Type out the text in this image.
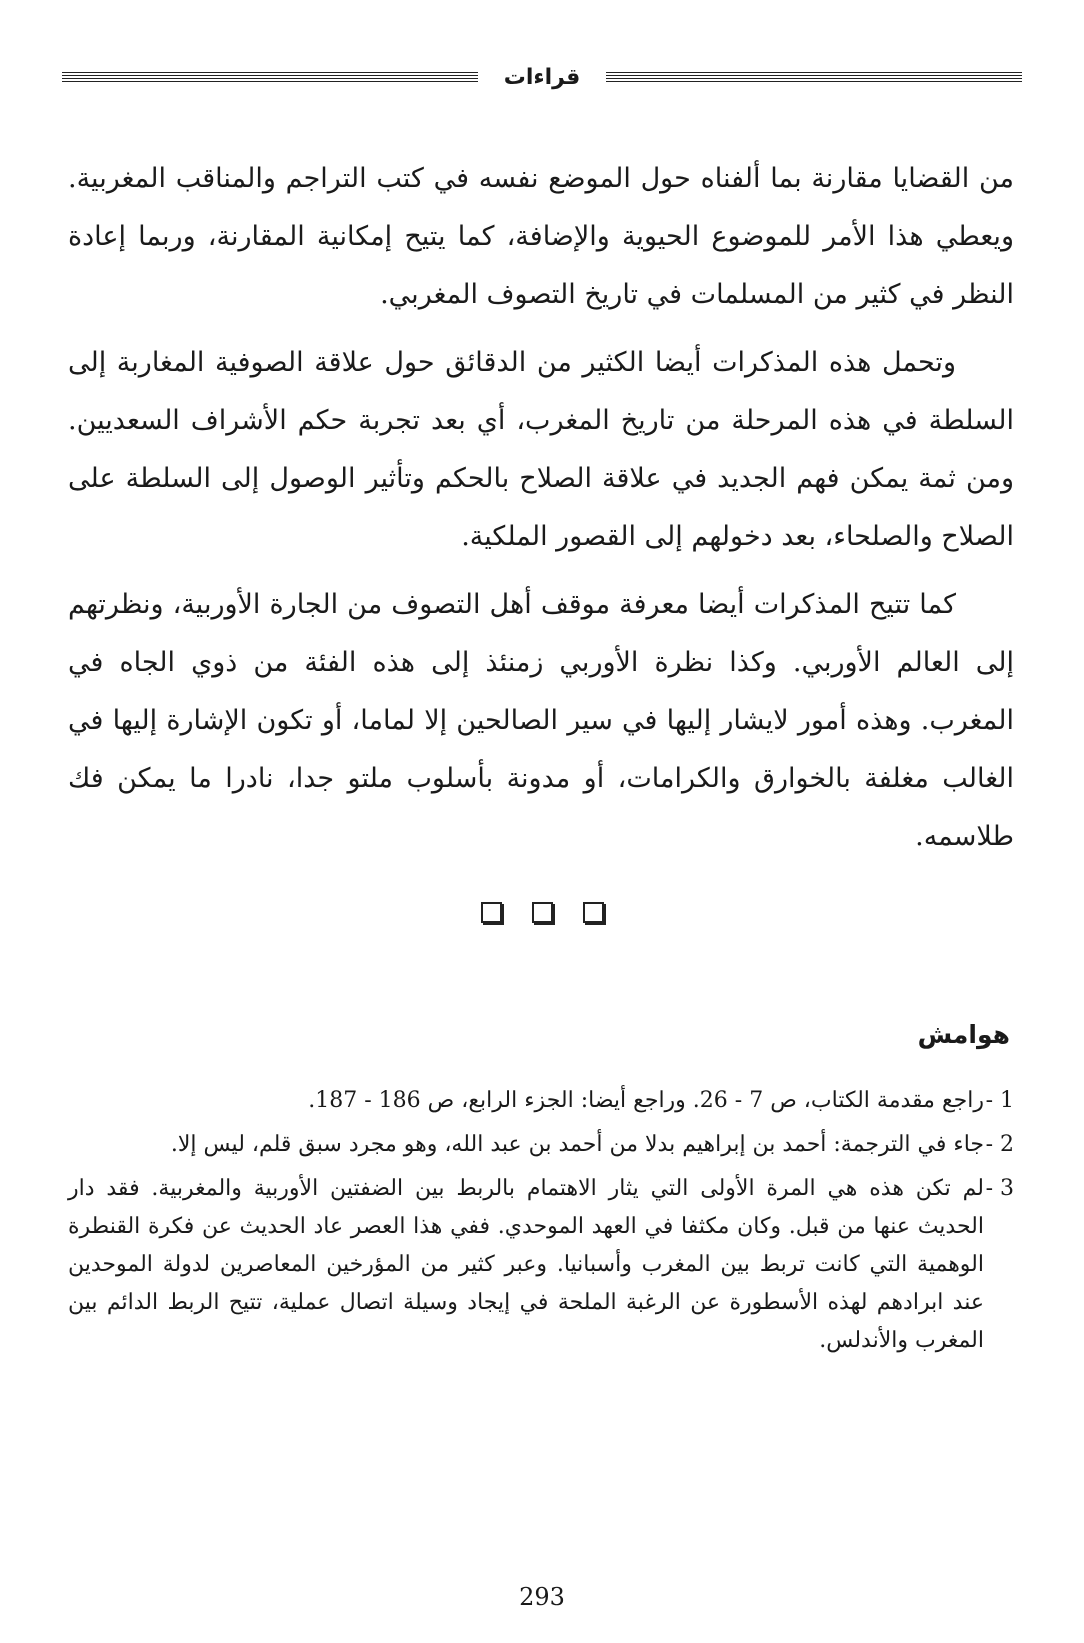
قراءات

من القضايا مقارنة بما ألفناه حول الموضع نفسه في كتب التراجم والمناقب المغربية. ويعطي هذا الأمر للموضوع الحيوية والإضافة، كما يتيح إمكانية المقارنة، وربما إعادة النظر في كثير من المسلمات في تاريخ التصوف المغربي.

وتحمل هذه المذكرات أيضا الكثير من الدقائق حول علاقة الصوفية المغاربة إلى السلطة في هذه المرحلة من تاريخ المغرب، أي بعد تجربة حكم الأشراف السعديين. ومن ثمة يمكن فهم الجديد في علاقة الصلاح بالحكم وتأثير الوصول إلى السلطة على الصلاح والصلحاء، بعد دخولهم إلى القصور الملكية.

كما تتيح المذكرات أيضا معرفة موقف أهل التصوف من الجارة الأوربية، ونظرتهم إلى العالم الأوربي. وكذا نظرة الأوربي زمنئذ إلى هذه الفئة من ذوي الجاه في المغرب. وهذه أمور لايشار إليها في سير الصالحين إلا لماما، أو تكون الإشارة إليها في الغالب مغلفة بالخوارق والكرامات، أو مدونة بأسلوب ملتو جدا، نادرا ما يمكن فك طلاسمه.

هوامش
1 -
راجع مقدمة الكتاب، ص 7 - 26. وراجع أيضا: الجزء الرابع، ص 186 - 187.
2 -
جاء في الترجمة: أحمد بن إبراهيم بدلا من أحمد بن عبد الله، وهو مجرد سبق قلم، ليس إلا.
3 -
لم تكن هذه هي المرة الأولى التي يثار الاهتمام بالربط بين الضفتين الأوربية والمغربية. فقد دار الحديث عنها من قبل. وكان مكثفا في العهد الموحدي. ففي هذا العصر عاد الحديث عن فكرة القنطرة الوهمية التي كانت تربط بين المغرب وأسبانيا. وعبر كثير من المؤرخين المعاصرين لدولة الموحدين عند ابرادهم لهذه الأسطورة عن الرغبة الملحة في إيجاد وسيلة اتصال عملية، تتيح الربط الدائم بين المغرب والأندلس.
293
